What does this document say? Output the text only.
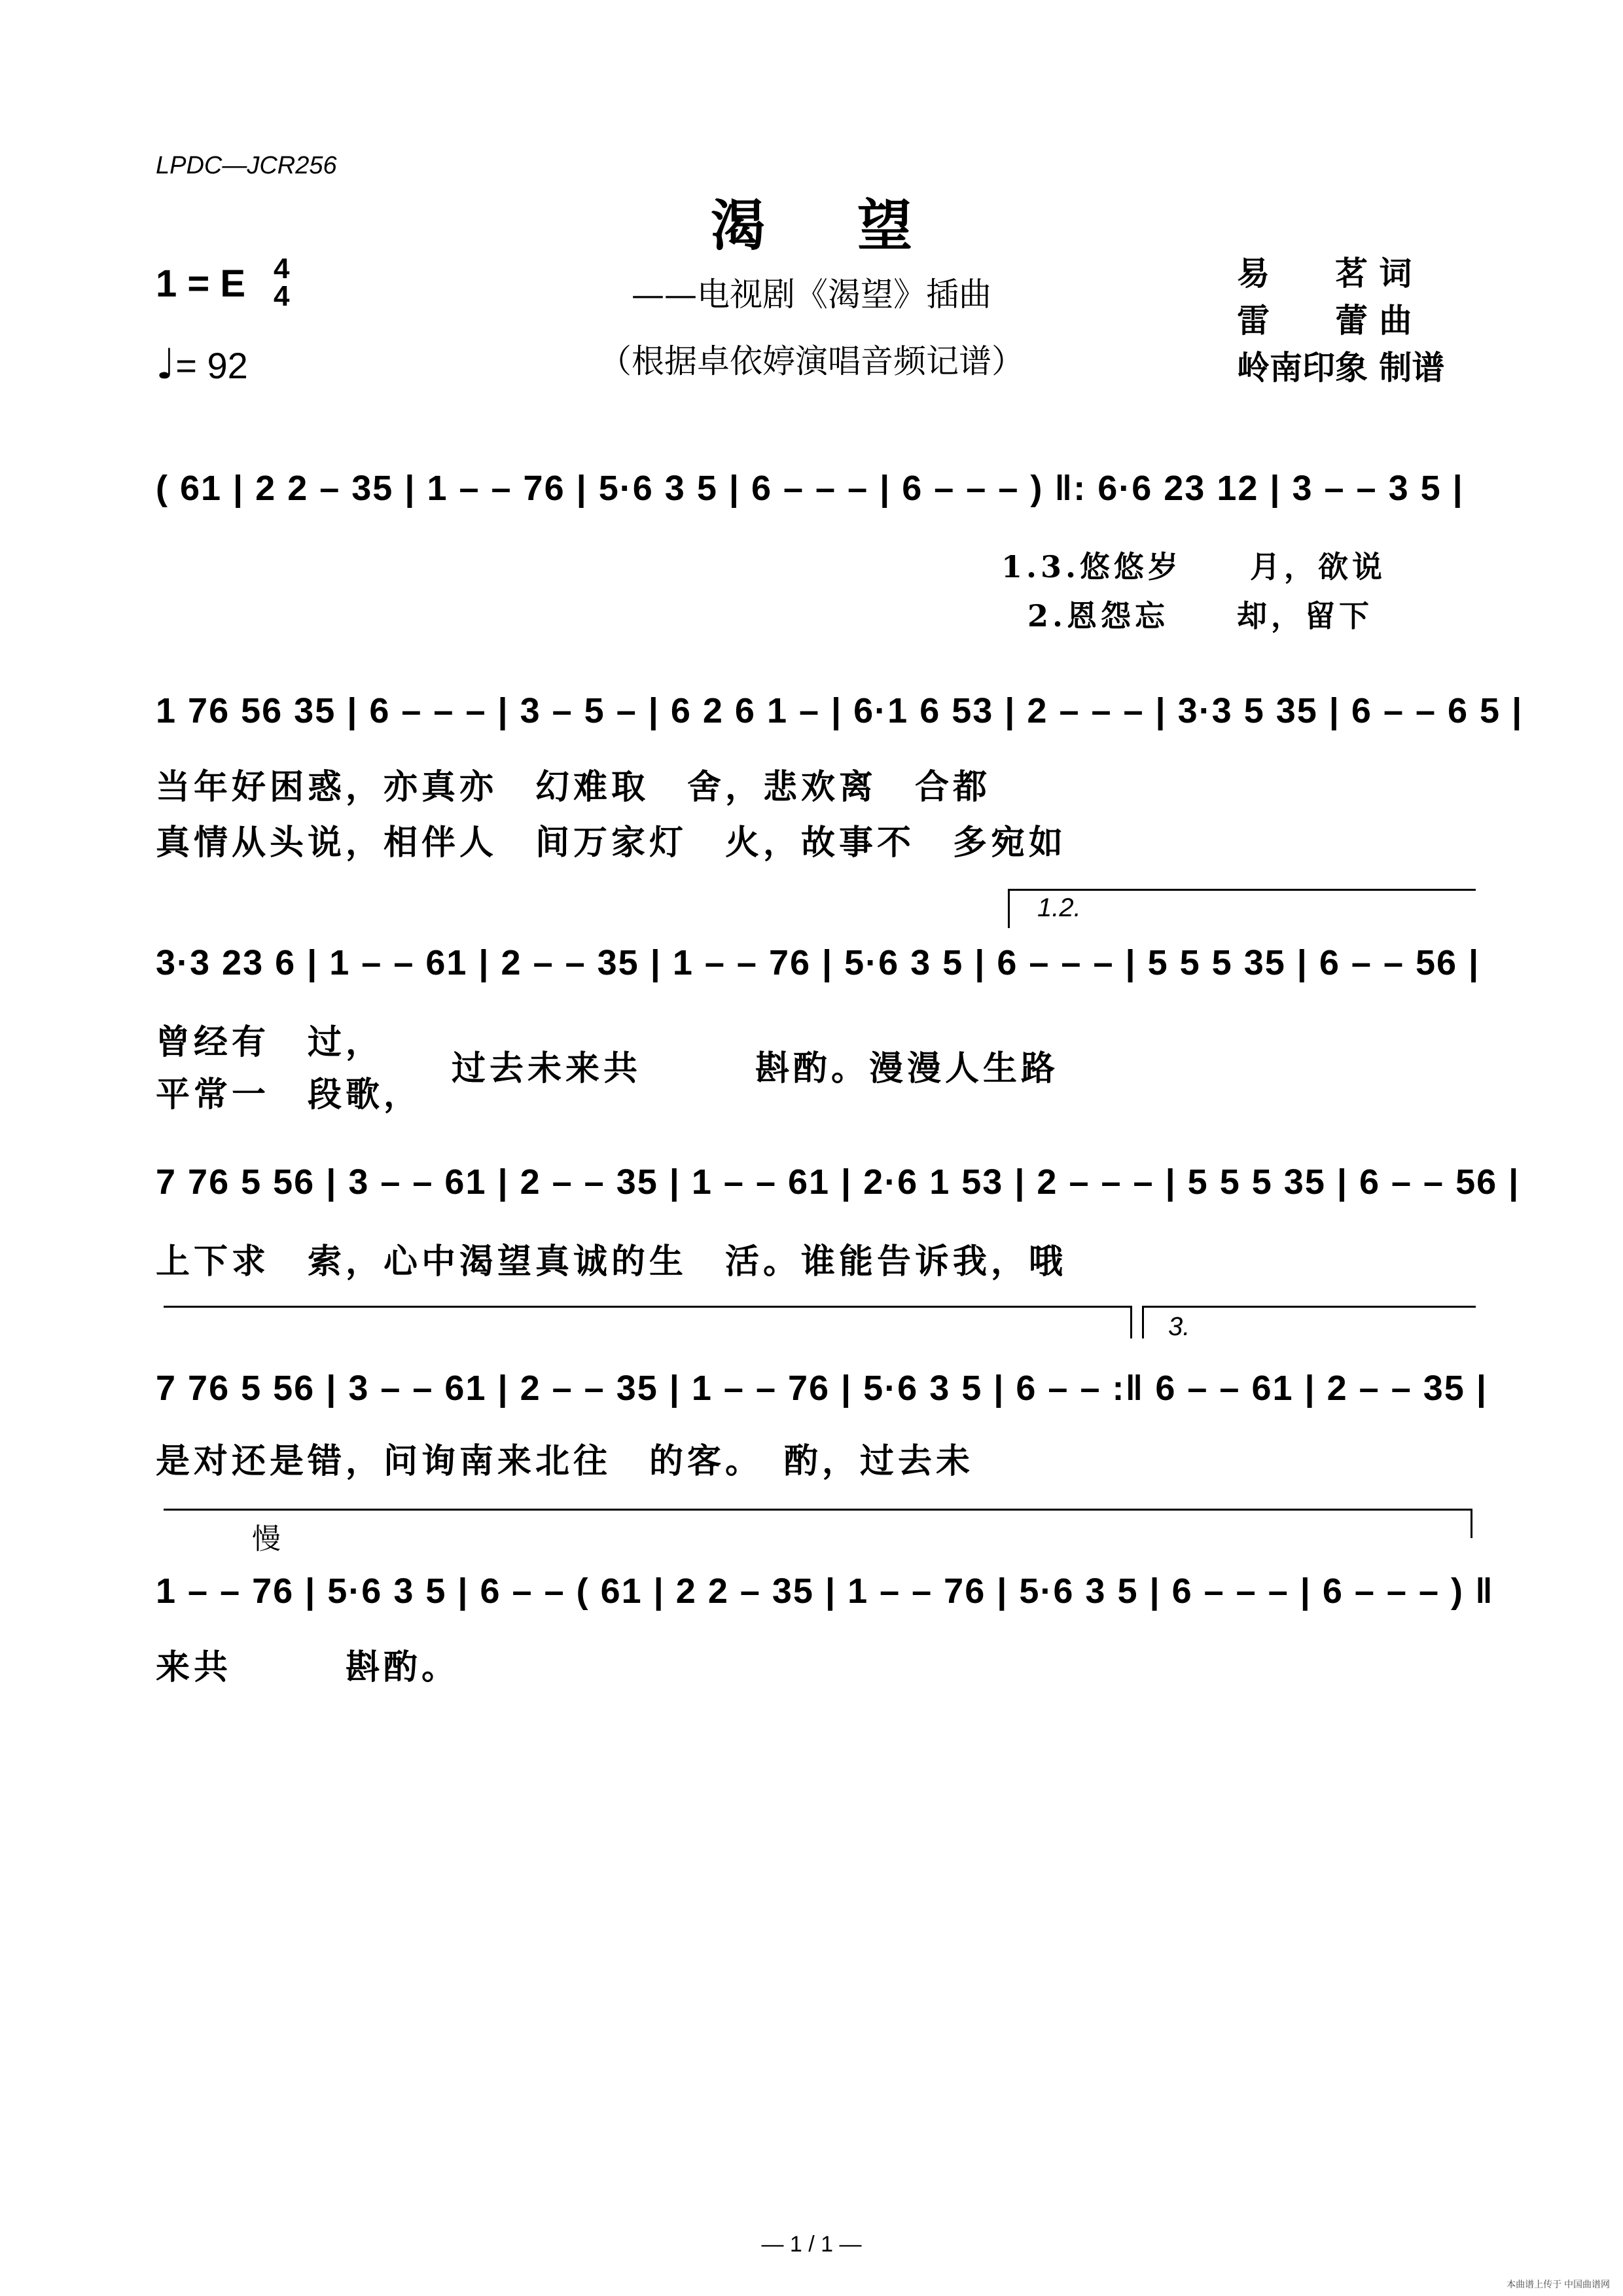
LPDC—JCR256
渴望
——电视剧《渴望》插曲
（根据卓依婷演唱音频记谱）
易　　茗 词
雷　　蕾 曲
岭南印象 制谱
1 = E 4
4
♩= 92
( 61 | 2 2 – 35 | 1 – – 76 | 5·6 3 5 | 6 – – – | 6 – – – ) ‖: 6·6 23 12 | 3 – – 3 5 |
1.3.悠悠岁　　月，欲说
2.恩怨忘　　却，留下
1 76 56 35 | 6 – – – | 3 – 5 – | 6 2 6 1 – | 6·1 6 53 | 2 – – – | 3·3 5 35 | 6 – – 6 5 |
当年好困惑，亦真亦　幻难取　舍，悲欢离　合都
真情从头说，相伴人　间万家灯　火，故事不　多宛如
1.2.
3·3 23 6 | 1 – – 61 | 2 – – 35 | 1 – – 76 | 5·6 3 5 | 6 – – – | 5 5 5 35 | 6 – – 56 |
曾经有　过，
平常一　段歌，
过去未来共　　　斟酌。漫漫人生路
7 76 5 56 | 3 – – 61 | 2 – – 35 | 1 – – 61 | 2·6 1 53 | 2 – – – | 5 5 5 35 | 6 – – 56 |
上下求　索，心中渴望真诚的生　活。谁能告诉我，哦
3.
7 76 5 56 | 3 – – 61 | 2 – – 35 | 1 – – 76 | 5·6 3 5 | 6 – – :‖ 6 – – 61 | 2 – – 35 |
是对还是错，问询南来北往　的客。　酌，过去未
慢
1 – – 76 | 5·6 3 5 | 6 – – ( 61 | 2 2 – 35 | 1 – – 76 | 5·6 3 5 | 6 – – – | 6 – – – ) ‖
来共　　　斟酌。
— 1 / 1 —
本曲谱上传于 中国曲谱网
